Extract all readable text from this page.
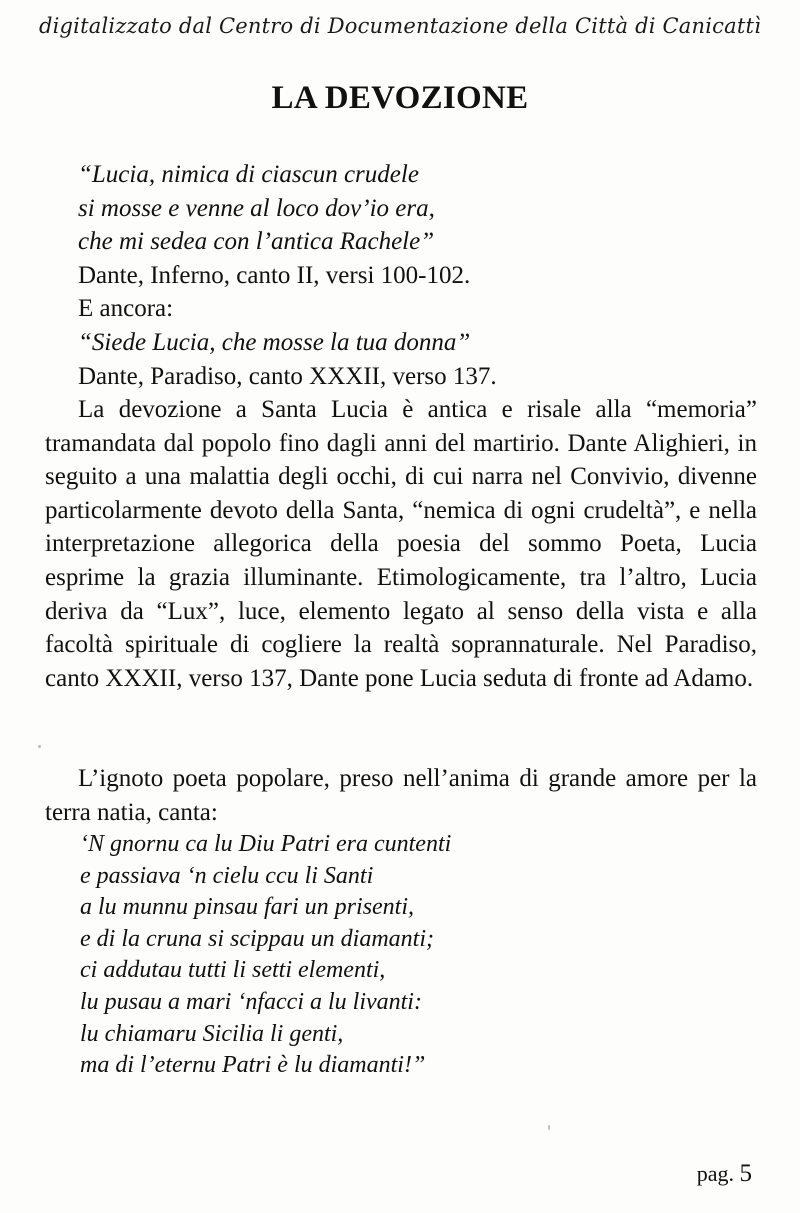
digitalizzato dal Centro di Documentazione della Città di Canicattì
LA DEVOZIONE
“Lucia, nimica di ciascun crudele
si mosse e venne al loco dov’io era,
che mi sedea con l’antica Rachele”
Dante, Inferno, canto II, versi 100-102.
E ancora:
“Siede Lucia, che mosse la tua donna”
Dante, Paradiso, canto XXXII, verso 137.

La devozione a Santa Lucia è antica e risale alla “memoria” tramandata dal popolo fino dagli anni del martirio. Dante Alighieri, in seguito a una malattia degli occhi, di cui narra nel Convivio, divenne particolarmente devoto della Santa, “nemica di ogni crudeltà”, e nella interpretazione allegorica della poesia del sommo Poeta, Lucia esprime la grazia illuminante. Etimologicamente, tra l’altro, Lucia deriva da “Lux”, luce, elemento legato al senso della vista e alla facoltà spirituale di cogliere la realtà soprannaturale. Nel Paradiso, canto XXXII, verso 137, Dante pone Lucia seduta di fronte ad Adamo.

L’ignoto poeta popolare, preso nell’anima di grande amore per la terra natia, canta:

‘N gnornu ca lu Diu Patri era cuntenti
e passiava ‘n cielu ccu li Santi
a lu munnu pinsau fari un prisenti,
e di la cruna si scippau un diamanti;
ci addutau tutti li setti elementi,
lu pusau a mari ‘nfacci a lu livanti:
lu chiamaru Sicilia li genti,
ma di l’eternu Patri è lu diamanti!”
pag. 5
